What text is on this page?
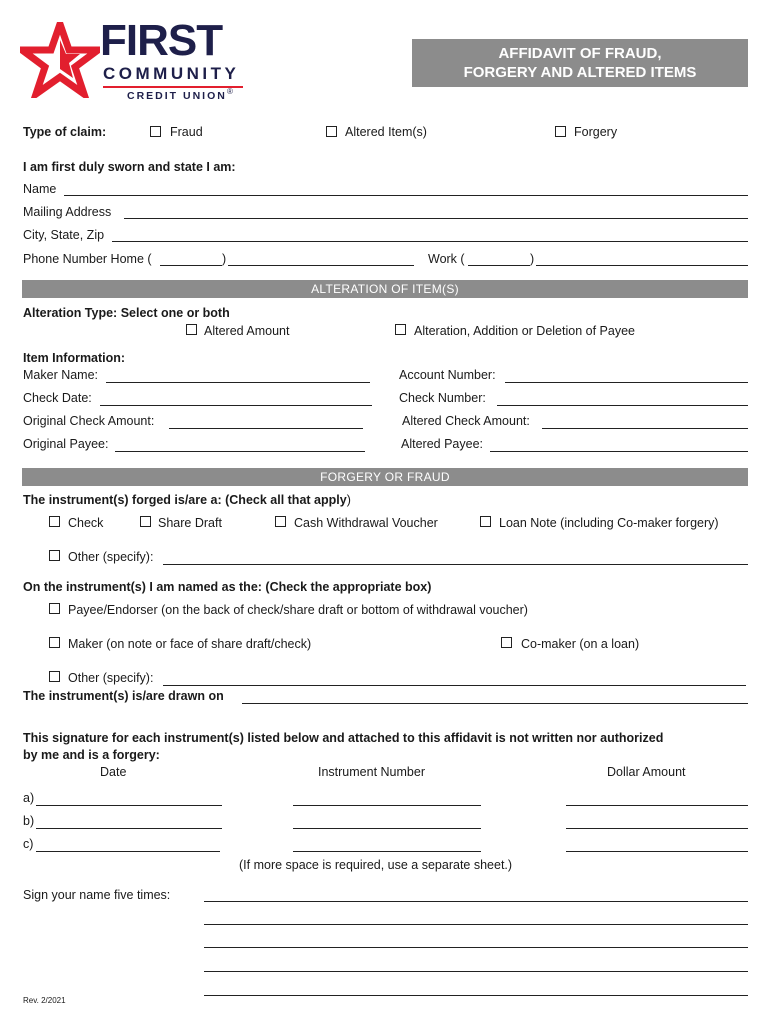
FIRST
COMMUNITY
CREDIT UNION ®
AFFIDAVIT OF FRAUD,
FORGERY AND ALTERED ITEMS
Type of claim:	Fraud	Altered Item(s)	Forgery
I am first duly sworn and state I am:
Name
Mailing Address
City, State, Zip
Phone Number Home (	)	Work (	)
ALTERATION OF ITEM(S)
Alteration Type: Select one or both
Altered Amount	Alteration, Addition or Deletion of Payee
Item Information:
Maker Name:	Account Number:
Check Date:	Check Number:
Original Check Amount:	Altered Check Amount:
Original Payee:	Altered Payee:
FORGERY OR FRAUD
The instrument(s) forged is/are a: (Check all that apply)
Check	Share Draft	Cash Withdrawal Voucher	Loan Note (including Co-maker forgery)
Other (specify):
On the instrument(s) I am named as the: (Check the appropriate box)
Payee/Endorser (on the back of check/share draft or bottom of withdrawal voucher)
Maker (on note or face of share draft/check)	Co-maker (on a loan)
Other (specify):
The instrument(s) is/are drawn on
This signature for each instrument(s) listed below and attached to this affidavit is not written nor authorized
by me and is a forgery:
Date	Instrument Number	Dollar Amount
a)
b)
c)
(If more space is required, use a separate sheet.)
Sign your name five times:
Rev. 2/2021
